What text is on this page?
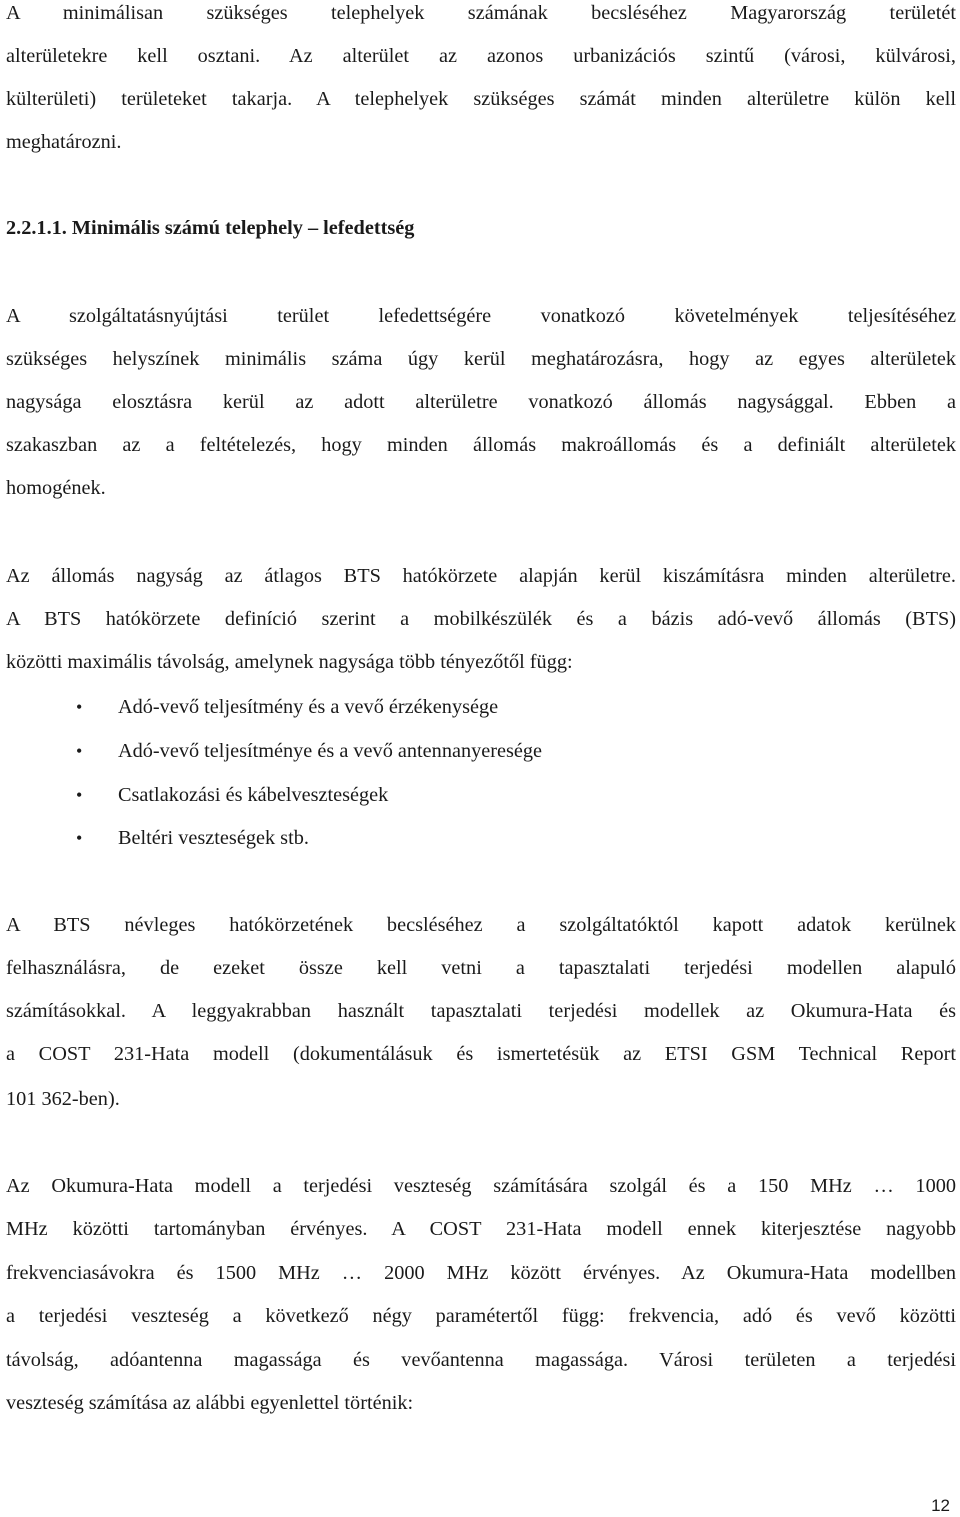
A minimálisan szükséges telephelyek számának becsléséhez Magyarország területét
alterületekre kell osztani. Az alterület az azonos urbanizációs szintű (városi, külvárosi,
külterületi) területeket takarja. A telephelyek szükséges számát minden alterületre külön kell
meghatározni.
2.2.1.1. Minimális számú telephely – lefedettség
A szolgáltatásnyújtási terület lefedettségére vonatkozó követelmények teljesítéséhez
szükséges helyszínek minimális száma úgy kerül meghatározásra, hogy az egyes alterületek
nagysága elosztásra kerül az adott alterületre vonatkozó állomás nagysággal. Ebben a
szakaszban az a feltételezés, hogy minden állomás makroállomás és a definiált alterületek
homogének.
Az állomás nagyság az átlagos BTS hatókörzete alapján kerül kiszámításra minden alterületre.
A BTS hatókörzete definíció szerint a mobilkészülék és a bázis adó-vevő állomás (BTS)
közötti maximális távolság, amelynek nagysága több tényezőtől függ:
• Adó-vevő teljesítmény és a vevő érzékenysége
• Adó-vevő teljesítménye és a vevő antennanyeresége
• Csatlakozási és kábelveszteségek
• Beltéri veszteségek stb.
A BTS névleges hatókörzetének becsléséhez a szolgáltatóktól kapott adatok kerülnek
felhasználásra, de ezeket össze kell vetni a tapasztalati terjedési modellen alapuló
számításokkal. A leggyakrabban használt tapasztalati terjedési modellek az Okumura-Hata és
a COST 231-Hata modell (dokumentálásuk és ismertetésük az ETSI GSM Technical Report
101 362-ben).
Az Okumura-Hata modell a terjedési veszteség számítására szolgál és a 150 MHz … 1000
MHz közötti tartományban érvényes. A COST 231-Hata modell ennek kiterjesztése nagyobb
frekvenciasávokra és 1500 MHz … 2000 MHz között érvényes. Az Okumura-Hata modellben
a terjedési veszteség a következő négy paramétertől függ: frekvencia, adó és vevő közötti
távolság, adóantenna magassága és vevőantenna magassága. Városi területen a terjedési
veszteség számítása az alábbi egyenlettel történik:
12
